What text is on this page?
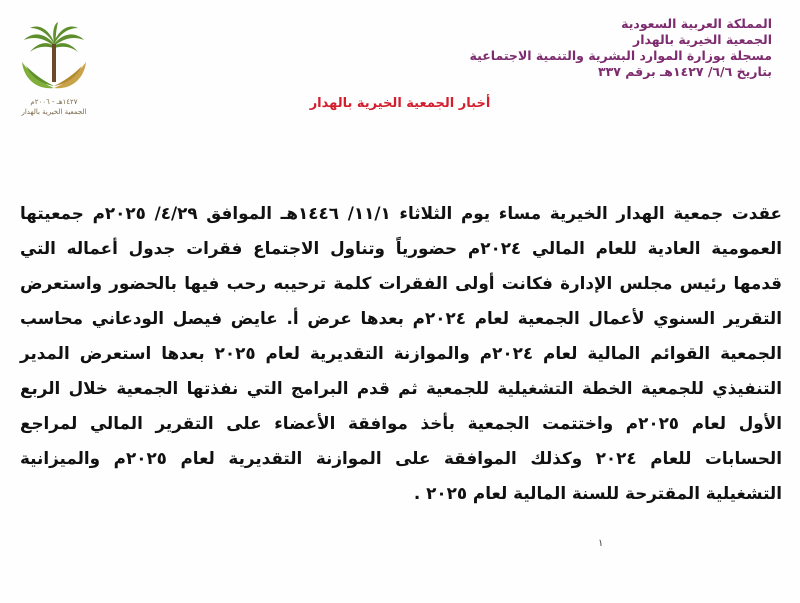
١٤٢٧هـ - ٢٠٠٦م
الجمعية الخيرية بالهدار
المملكة العربية السعودية
الجمعية الخيرية بالهدار
مسجلة بوزارة الموارد البشرية والتنمية الاجتماعية
بتاريخ ٦/٦/ ١٤٢٧هـ برقم ٣٣٧
أخبار الجمعية الخيرية بالهدار
عقدت جمعية الهدار الخيرية مساء يوم الثلاثاء ١١/١/ ١٤٤٦هـ الموافق ٤/٢٩/ ٢٠٢٥م جمعيتها العمومية العادية للعام المالي ٢٠٢٤م حضورياً وتناول الاجتماع فقرات جدول أعماله التي قدمها رئيس مجلس الإدارة فكانت أولى الفقرات كلمة ترحيبه رحب فيها بالحضور واستعرض التقرير السنوي لأعمال الجمعية لعام ٢٠٢٤م بعدها عرض أ. عايض فيصل الودعاني محاسب الجمعية القوائم المالية لعام ٢٠٢٤م والموازنة التقديرية لعام ٢٠٢٥ بعدها استعرض المدير التنفيذي للجمعية الخطة التشغيلية للجمعية ثم قدم البرامج التي نفذتها الجمعية خلال الربع الأول لعام ٢٠٢٥م واختتمت الجمعية بأخذ موافقة الأعضاء على التقرير المالي لمراجع الحسابات للعام ٢٠٢٤ وكذلك الموافقة على الموازنة التقديرية لعام ٢٠٢٥م والميزانية التشغيلية المقترحة للسنة المالية لعام ٢٠٢٥ .
١
